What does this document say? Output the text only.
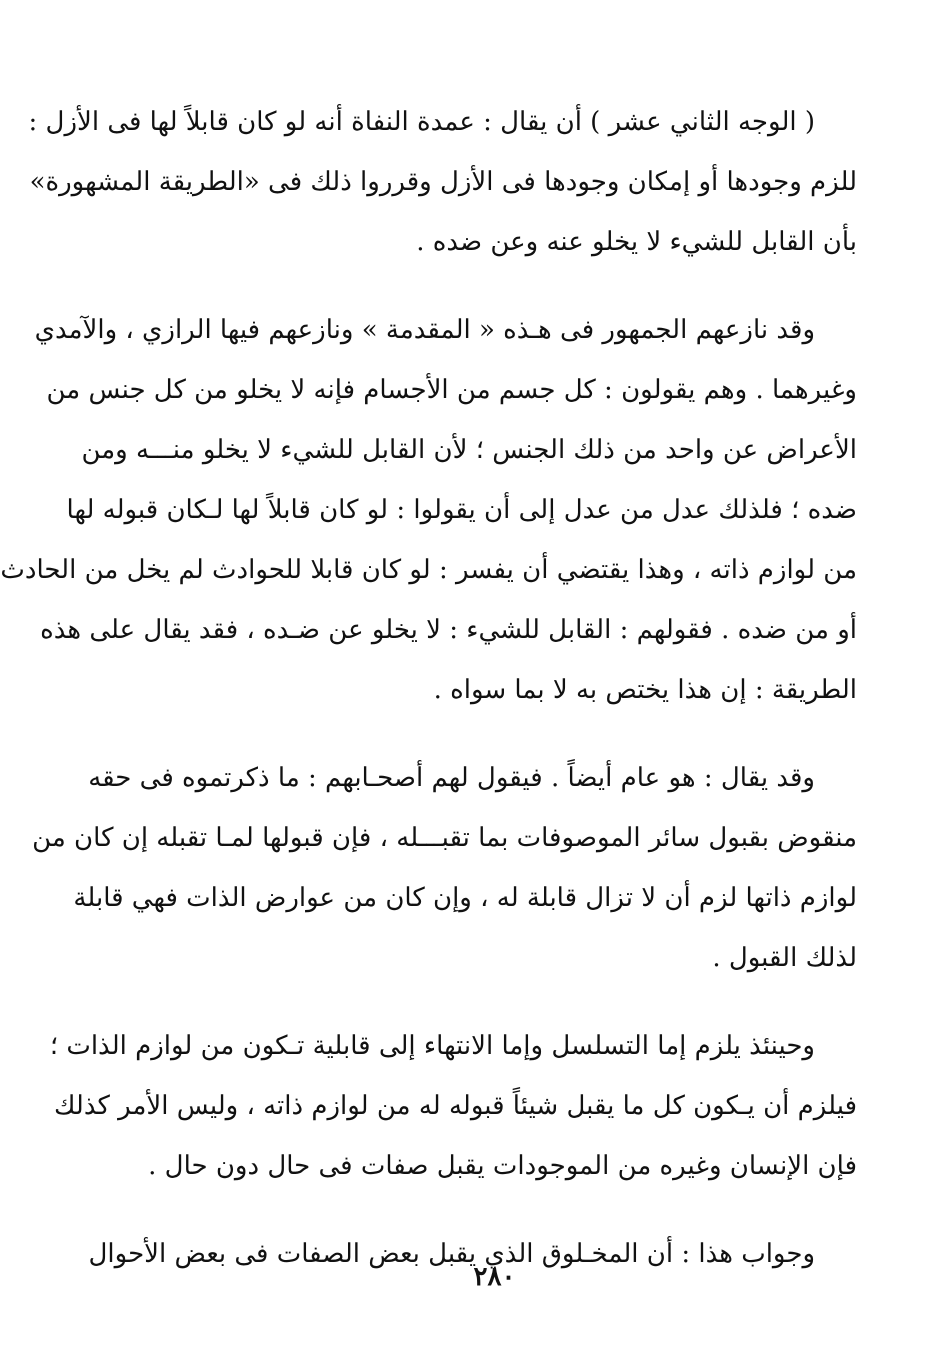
( الوجه الثاني عشر ) أن يقال : عمدة النفاة أنه لو كان قابلاً لها فى الأزل :
للزم وجودها أو إمكان وجودها فى الأزل وقرروا ذلك فى «الطريقة المشهورة»
بأن القابل للشيء لا يخلو عنه وعن ضده .

وقد نازعهم الجمهور فى هـذه « المقدمة » ونازعهم فيها الرازي ، والآمدي
وغيرهما . وهم يقولون : كل جسم من الأجسام فإنه لا يخلو من كل جنس من
الأعراض عن واحد من ذلك الجنس ؛ لأن القابل للشيء لا يخلو منـــه ومن
ضده ؛ فلذلك عدل من عدل إلى أن يقولوا : لو كان قابلاً لها لـكان قبوله لها
من لوازم ذاته ، وهذا يقتضي أن يفسر : لو كان قابلا للحوادث لم يخل من الحادث
أو من ضده . فقولهم : القابل للشيء : لا يخلو عن ضـده ، فقد يقال على هذه
الطريقة : إن هذا يختص به لا بما سواه .

وقد يقال : هو عام أيضاً . فيقول لهم أصحـابهم : ما ذكرتموه فى حقه
منقوض بقبول سائر الموصوفات بما تقبـــله ، فإن قبولها لمـا تقبله إن كان من
لوازم ذاتها لزم أن لا تزال قابلة له ، وإن كان من عوارض الذات فهي قابلة
لذلك القبول .

وحينئذ يلزم إما التسلسل وإما الانتهاء إلى قابلية تـكون من لوازم الذات ؛
فيلزم أن يـكون كل ما يقبل شيئاً قبوله له من لوازم ذاته ، وليس الأمر كذلك
فإن الإنسان وغيره من الموجودات يقبل صفات فى حال دون حال .

وجواب هذا : أن المخـلوق الذي يقبل بعض الصفات فى بعض الأحوال

٢٨٠
